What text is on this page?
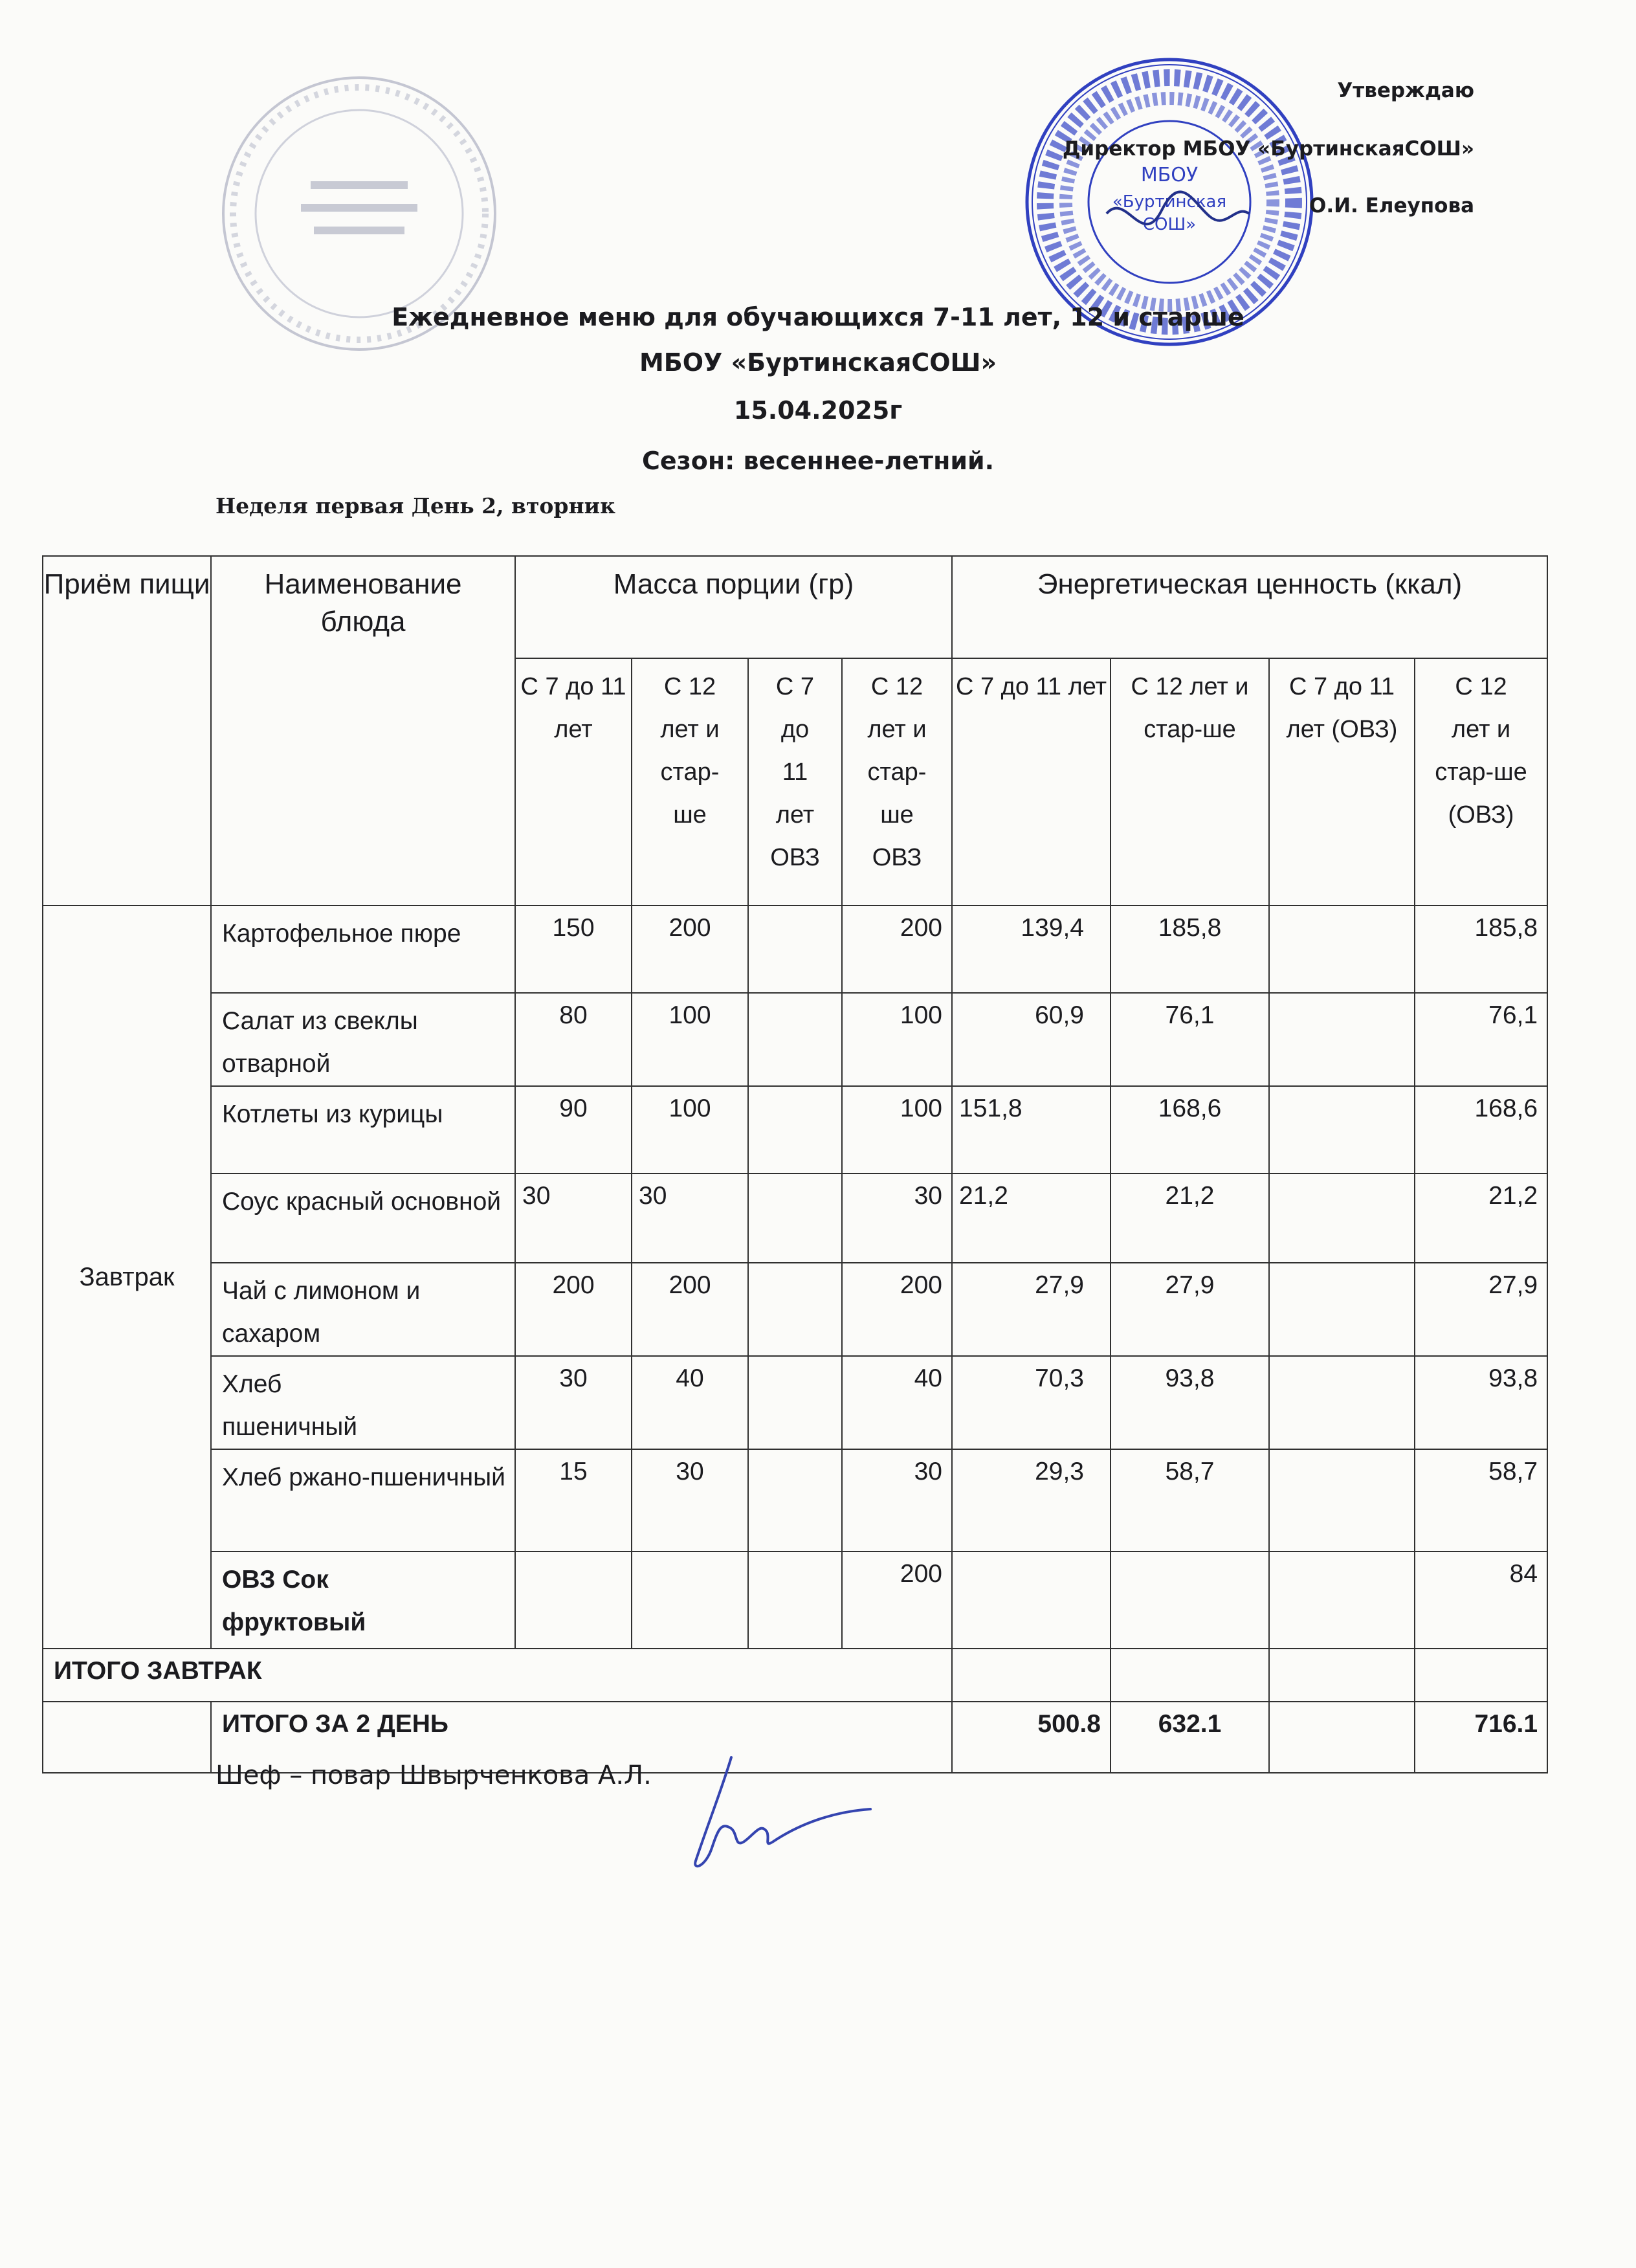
МБОУ
«Буртинская
СОШ»
Утверждаю
Директор МБОУ «БуртинскаяСОШ»
О.И. Елеупова
Ежедневное меню для обучающихся 7-11 лет, 12 и старше
МБОУ «БуртинскаяСОШ»
15.04.2025г
Сезон: весеннее-летний.
Неделя первая День 2, вторник
Приём пищи	Наименование блюда	Масса порции (гр)				Энергетическая ценность (ккал)			
		С 7 до 11 лет	С 12 лет и стар-ше	С 7 до 11 лет ОВЗ	С 12 лет и стар-ше ОВЗ	С 7 до 11 лет	С 12 лет и стар-ше	С 7 до 11 лет (ОВЗ)	С 12 лет и стар-ше (ОВЗ)
Завтрак	Картофельное пюре	150	200		200	139,4	185,8		185,8
	Салат из свеклы отварной	80	100		100	60,9	76,1		76,1
	Котлеты из курицы	90	100		100	151,8	168,6		168,6
	Соус красный основной	30	30		30	21,2	21,2		21,2
	Чай с лимоном и сахаром	200	200		200	27,9	27,9		27,9
	Хлеб пшеничный	30	40		40	70,3	93,8		93,8
	Хлеб ржано-пшеничный	15	30		30	29,3	58,7		58,7
	ОВЗ Сок фруктовый				200				84
ИТОГО ЗАВТРАК									
	ИТОГО ЗА 2 ДЕНЬ					500.8	632.1		716.1
Шеф – повар Швырченкова А.Л.
